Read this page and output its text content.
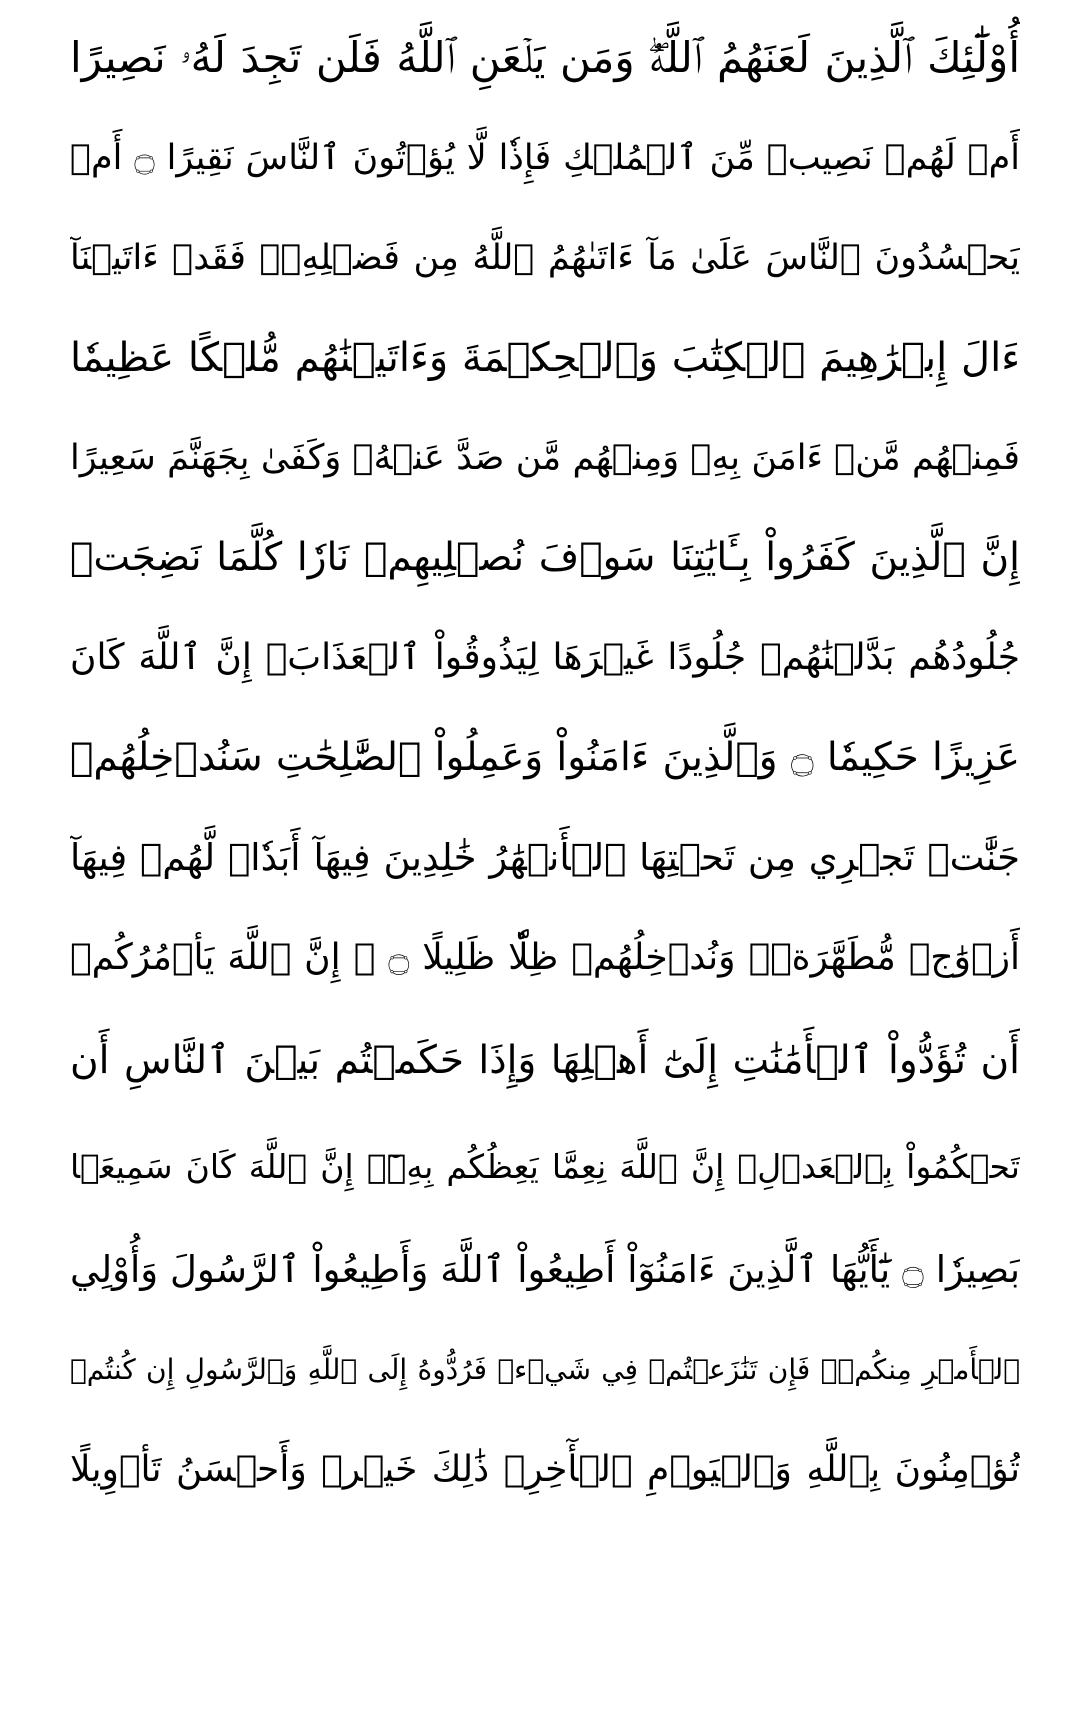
أُوْلَٰٓئِكَ ٱلَّذِينَ لَعَنَهُمُ ٱللَّهُۖ وَمَن يَلۡعَنِ ٱللَّهُ فَلَن تَجِدَ لَهُۥ نَصِيرًا
أَمۡ لَهُمۡ نَصِيبٞ مِّنَ ٱلۡمُلۡكِ فَإِذٗا لَّا يُؤۡتُونَ ٱلنَّاسَ نَقِيرًا ۝ أَمۡ
يَحۡسُدُونَ ٱلنَّاسَ عَلَىٰ مَآ ءَاتَىٰهُمُ ٱللَّهُ مِن فَضۡلِهِۦۖ فَقَدۡ ءَاتَيۡنَآ
ءَالَ إِبۡرَٰهِيمَ ٱلۡكِتَٰبَ وَٱلۡحِكۡمَةَ وَءَاتَيۡنَٰهُم مُّلۡكًا عَظِيمٗا
فَمِنۡهُم مَّنۡ ءَامَنَ بِهِۦ وَمِنۡهُم مَّن صَدَّ عَنۡهُۚ وَكَفَىٰ بِجَهَنَّمَ سَعِيرًا
إِنَّ ٱلَّذِينَ كَفَرُواْ بِـَٔايَٰتِنَا سَوۡفَ نُصۡلِيهِمۡ نَارٗا كُلَّمَا نَضِجَتۡ
جُلُودُهُم بَدَّلۡنَٰهُمۡ جُلُودًا غَيۡرَهَا لِيَذُوقُواْ ٱلۡعَذَابَۗ إِنَّ ٱللَّهَ كَانَ
عَزِيزًا حَكِيمٗا ۝ وَٱلَّذِينَ ءَامَنُواْ وَعَمِلُواْ ٱلصَّٰلِحَٰتِ سَنُدۡخِلُهُمۡ
جَنَّٰتٖ تَجۡرِي مِن تَحۡتِهَا ٱلۡأَنۡهَٰرُ خَٰلِدِينَ فِيهَآ أَبَدٗاۖ لَّهُمۡ فِيهَآ
أَزۡوَٰجٞ مُّطَهَّرَةٞۖ وَنُدۡخِلُهُمۡ ظِلّٗا ظَلِيلًا ۝ ۞ إِنَّ ٱللَّهَ يَأۡمُرُكُمۡ
أَن تُؤَدُّواْ ٱلۡأَمَٰنَٰتِ إِلَىٰٓ أَهۡلِهَا وَإِذَا حَكَمۡتُم بَيۡنَ ٱلنَّاسِ أَن
تَحۡكُمُواْ بِٱلۡعَدۡلِۚ إِنَّ ٱللَّهَ نِعِمَّا يَعِظُكُم بِهِۦٓۗ إِنَّ ٱللَّهَ كَانَ سَمِيعَۢا
بَصِيرٗا ۝ يَٰٓأَيُّهَا ٱلَّذِينَ ءَامَنُوٓاْ أَطِيعُواْ ٱللَّهَ وَأَطِيعُواْ ٱلرَّسُولَ وَأُوْلِي
ٱلۡأَمۡرِ مِنكُمۡۖ فَإِن تَنَٰزَعۡتُمۡ فِي شَيۡءٖ فَرُدُّوهُ إِلَى ٱللَّهِ وَٱلرَّسُولِ إِن كُنتُمۡ
تُؤۡمِنُونَ بِٱللَّهِ وَٱلۡيَوۡمِ ٱلۡأٓخِرِۚ ذَٰلِكَ خَيۡرٞ وَأَحۡسَنُ تَأۡوِيلًا
